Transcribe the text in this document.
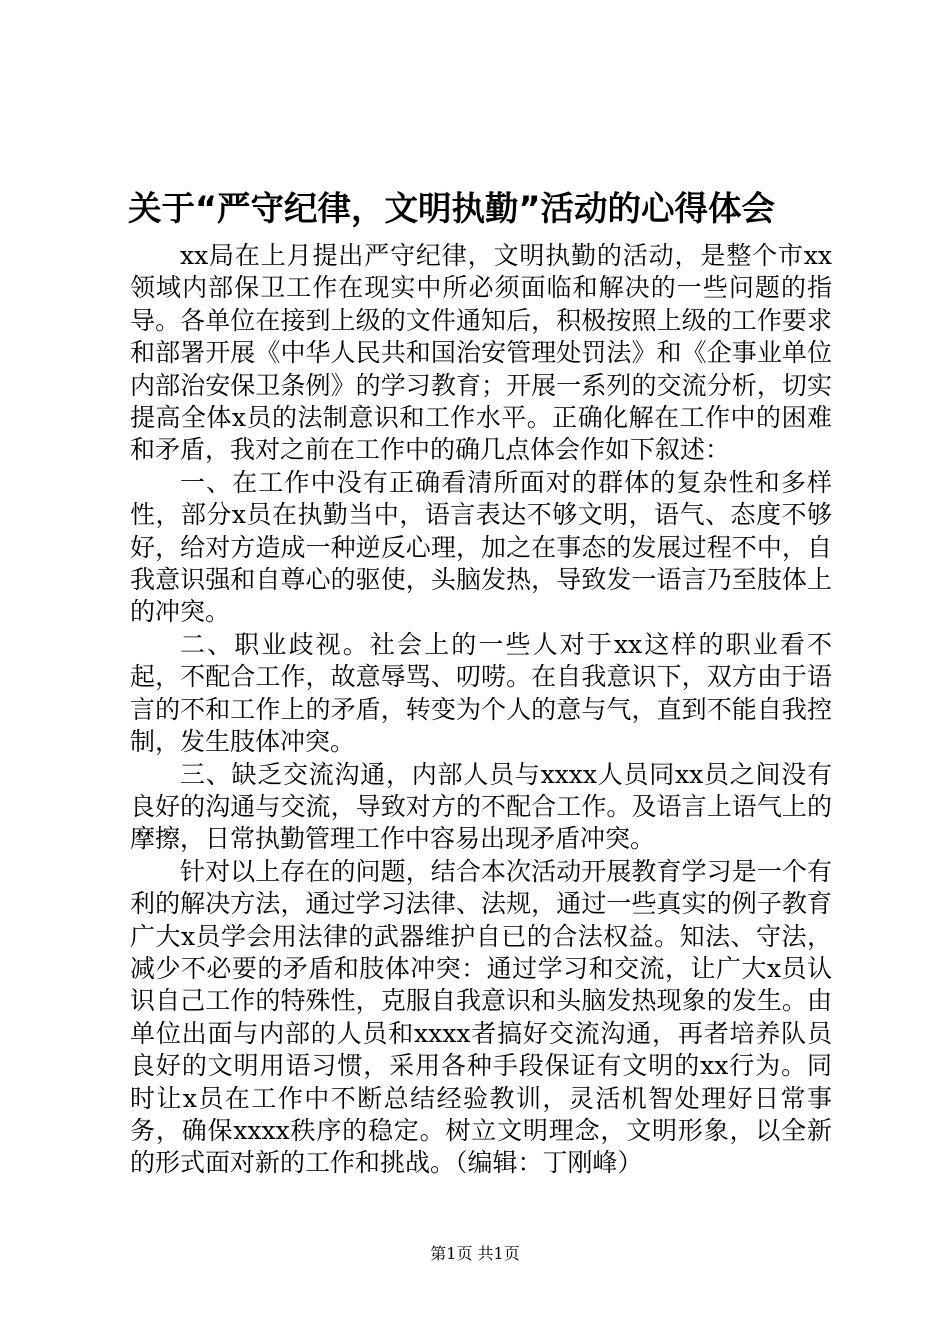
关于“严守纪律，文明执勤”活动的心得体会

xx局在上月提出严守纪律，文明执勤的活动，是整个市xx领域内部保卫工作在现实中所必须面临和解决的一些问题的指导。各单位在接到上级的文件通知后，积极按照上级的工作要求和部署开展《中华人民共和国治安管理处罚法》和《企事业单位内部治安保卫条例》的学习教育；开展一系列的交流分析，切实提高全体x员的法制意识和工作水平。正确化解在工作中的困难和矛盾，我对之前在工作中的确几点体会作如下叙述：

一、在工作中没有正确看清所面对的群体的复杂性和多样性，部分x员在执勤当中，语言表达不够文明，语气、态度不够好，给对方造成一种逆反心理，加之在事态的发展过程不中，自我意识强和自尊心的驱使，头脑发热，导致发一语言乃至肢体上的冲突。

二、职业歧视。社会上的一些人对于xx这样的职业看不起，不配合工作，故意辱骂、叨唠。在自我意识下，双方由于语言的不和工作上的矛盾，转变为个人的意与气，直到不能自我控制，发生肢体冲突。

三、缺乏交流沟通，内部人员与xxxx人员同xx员之间没有良好的沟通与交流，导致对方的不配合工作。及语言上语气上的摩擦，日常执勤管理工作中容易出现矛盾冲突。

针对以上存在的问题，结合本次活动开展教育学习是一个有利的解决方法，通过学习法律、法规，通过一些真实的例子教育广大x员学会用法律的武器维护自已的合法权益。知法、守法，减少不必要的矛盾和肢体冲突：通过学习和交流，让广大x员认识自己工作的特殊性，克服自我意识和头脑发热现象的发生。由单位出面与内部的人员和xxxx者搞好交流沟通，再者培养队员良好的文明用语习惯，采用各种手段保证有文明的xx行为。同时让x员在工作中不断总结经验教训，灵活机智处理好日常事务，确保xxxx秩序的稳定。树立文明理念，文明形象，以全新的形式面对新的工作和挑战。（编辑：丁刚峰）

第1页 共1页
